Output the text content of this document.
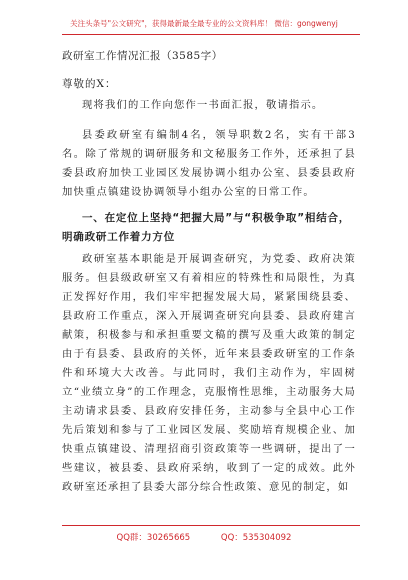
关注头条号"公文研究"，获得最新最全最专业的公文资料库！ 微信：gongwenyj
政研室工作情况汇报（3585字）
尊敬的X：

现将我们的工作向您作一书面汇报，敬请指示。

县委政研室有编制4名，领导职数2名，实有干部3名。除了常规的调研服务和文秘服务工作外，还承担了县委县政府加快工业园区发展协调小组办公室、县委县政府加快重点镇建设协调领导小组办公室的日常工作。

一、在定位上坚持“把握大局”与“积极争取”相结合，明确政研工作着力方位

政研室基本职能是开展调查研究，为党委、政府决策服务。但县级政研室又有着相应的特殊性和局限性，为真正发挥好作用，我们牢牢把握发展大局，紧紧围绕县委、县政府工作重点，深入开展调查研究向县委、县政府建言献策，积极参与和承担重要文稿的撰写及重大政策的制定由于有县委、县政府的关怀，近年来县委政研室的工作条件和环境大大改善。与此同时，我们主动作为，牢固树立“业绩立身”的工作理念，克服惰性思维，主动服务大局主动请求县委、县政府安排任务，主动参与全县中心工作先后策划和参与了工业园区发展、奖励培育规模企业、加快重点镇建设、清理招商引资政策等一些调研，提出了一些建议，被县委、县政府采纳，收到了一定的成效。此外政研室还承担了县委大部分综合性政策、意见的制定，如

QQ群：30265665	QQ：535304092
